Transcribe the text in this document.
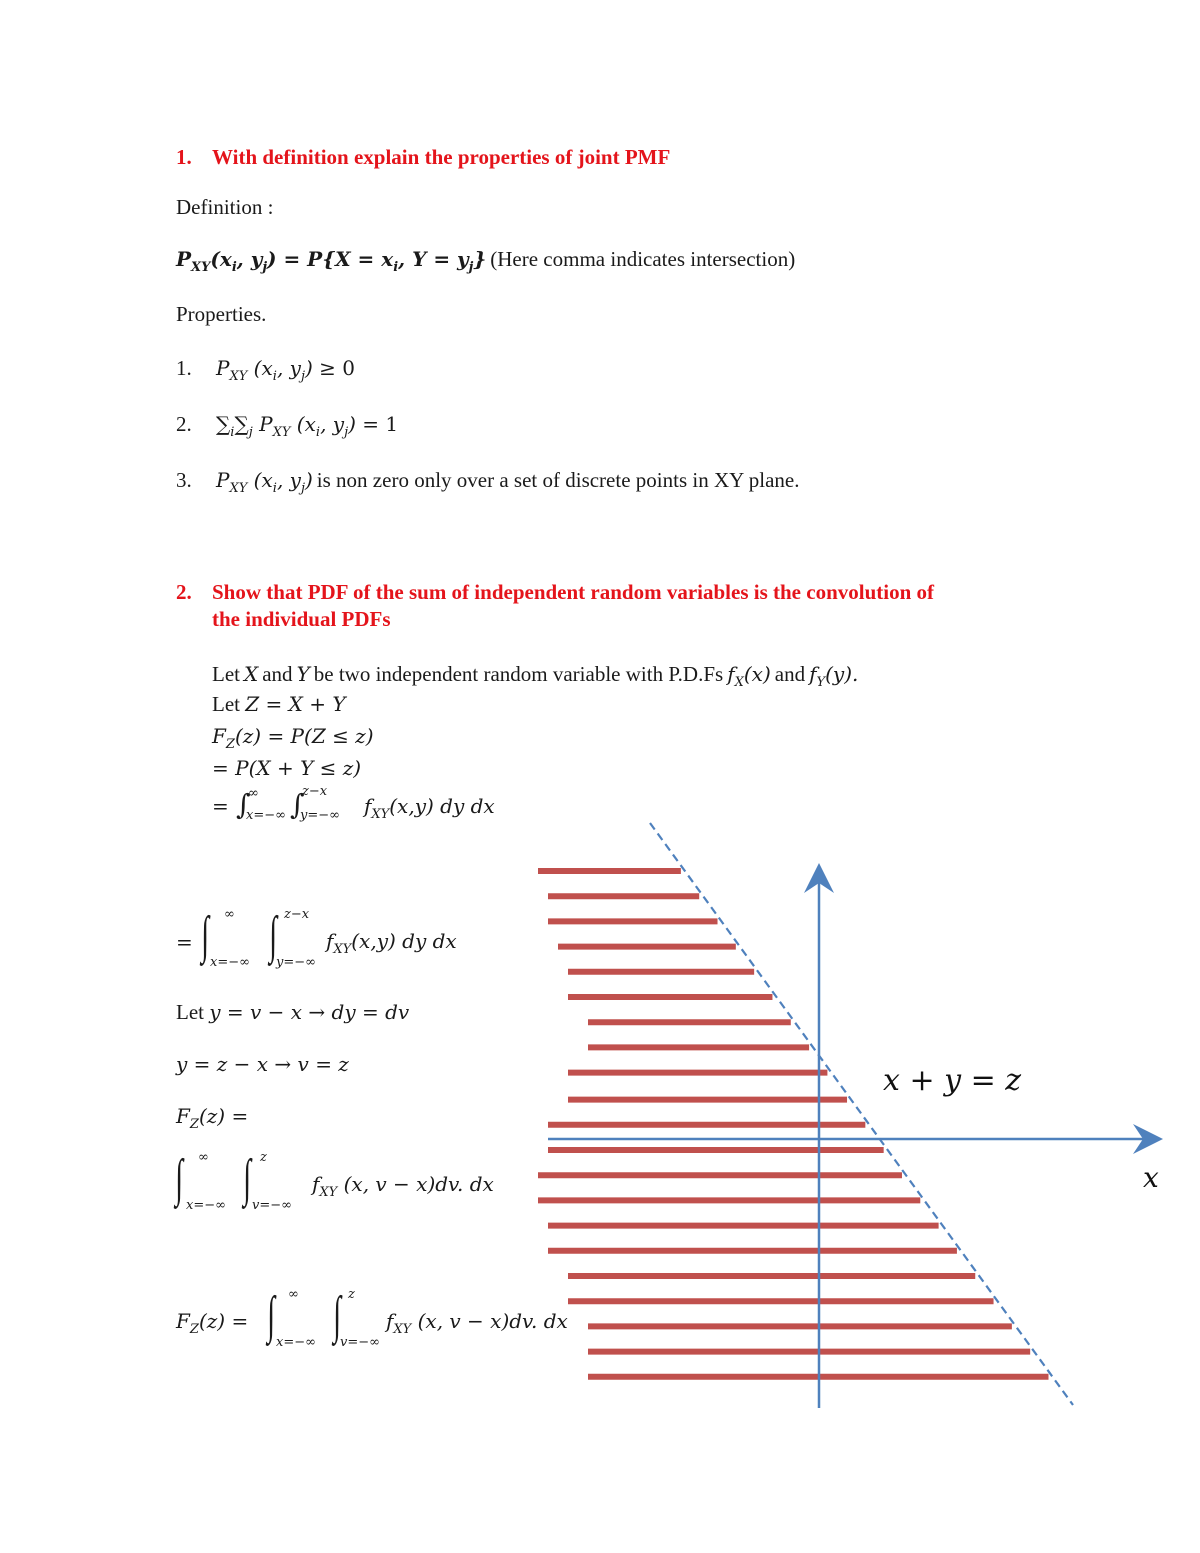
1. With definition explain the properties of joint PMF
Definition :
$P_{XY}(x_i$, $y_j) = P\{X = x_i$, $Y = y_j$} (Here comma indicates intersection)
Properties.
1. $P_{XY}$ ($x_i$, $y_j) \ge 0$
2. $\sum_i\sum_j$ $P_{XY}$ ($x_i$, $y_j) = 1$
3. $P_{XY}$ ($x_i$, $y_j$) is non zero only over a set of discrete points in XY plane.
2. Show that PDF of the sum of independent random variables is the convolution of
the individual PDFs
Let X and Y be two independent random variable with P.D.Fs $f_X(x)$ and $f_Y(y)$.
Let Z = X + Y
$F_Z(z) = P(Z \le z)$
= P(X + Y ≤ z)
= ∫
∞
x=−∞ ∫
z−x
y=−∞ $f_{XY}(x,y)$ dy dx
= ∫ ∞
x=−∞ ∫ z−x
y=−∞
$f_{XY}(x,y)$ dy dx
Let y = v − x → dy = dv
y = z − x → v = z
$F_Z(z)$ =
∫ ∞
x=−∞ ∫ z
v=−∞
$f_{XY}$ (x, v − x)dv. dx
$F_Z(z)$ = ∫ ∞
x=−∞ ∫ z
v=−∞
$f_{XY}$ (x, v − x)dv. dx
x + y = z
x
